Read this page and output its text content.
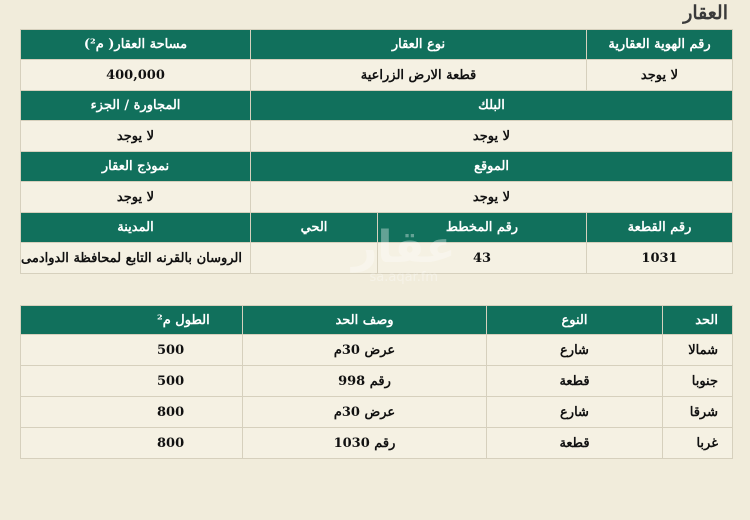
العقار
رقم الهوية العقارية	نوع العقار		مساحة العقار( م²)	
لا يوجد	قطعة الارض الزراعية		400,000	
البلك			المجاورة / الجزء	
لا يوجد			لا يوجد	
الموقع			نموذج العقار	
لا يوجد			لا يوجد	
رقم القطعة	رقم المخطط	الحي	المدينة	
1031	43		الروسان بالقرنه التابع لمحافظة الدوادمى		عقار
sa.aqar.fm
الحد	النوع	وصف الحد	الطول م²
شمالا	شارع	عرض 30م	500
جنوبا	قطعة	رقم 998	500
شرقا	شارع	عرض 30م	800
غربا	قطعة	رقم 1030	800
